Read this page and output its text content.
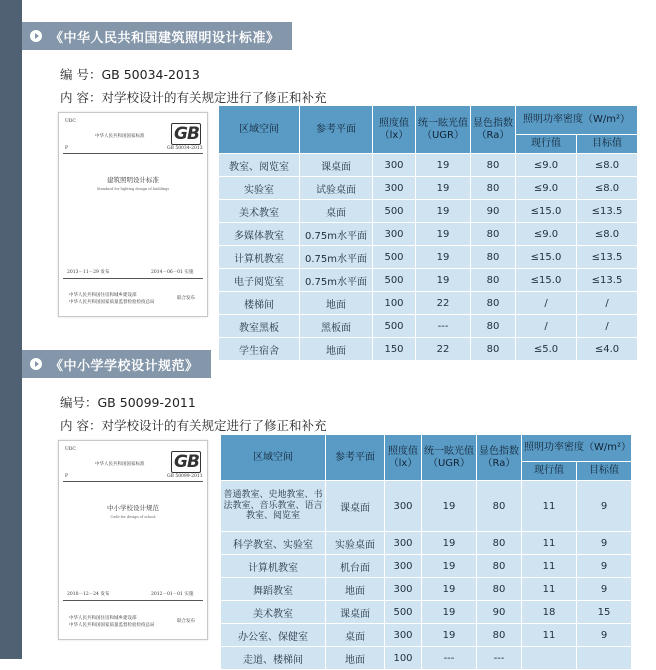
《中华人民共和国建筑照明设计标准》
编 号：GB 50034-2013
内 容：对学校设计的有关规定进行了修正和补充
UDC
中华人民共和国国家标准 GB
P	GB 50034-2013
建筑照明设计标准
Standard for lighting design of buildings
2013－11－29 发布	2014－06－01 实施
中华人民共和国住房和城乡建设部
中华人民共和国国家质量监督检验检疫总局
联合发布
区域空间	参考平面	照度值（lx）	统一眩光值（UGR）	显色指数（Ra）	照明功率密度（W/m²）	
					现行值	目标值
教室、阅览室	课桌面	300	19	80	≤9.0	≤8.0
实验室	试验桌面	300	19	80	≤9.0	≤8.0
美术教室	桌面	500	19	90	≤15.0	≤13.5
多媒体教室	0.75m水平面	300	19	80	≤9.0	≤8.0
计算机教室	0.75m水平面	500	19	80	≤15.0	≤13.5
电子阅览室	0.75m水平面	500	19	80	≤15.0	≤13.5
楼梯间	地面	100	22	80	/	/
教室黑板	黑板面	500	---	80	/	/
学生宿舍	地面	150	22	80	≤5.0	≤4.0
《中小学学校设计规范》
编号：GB 50099-2011
内 容：对学校设计的有关规定进行了修正和补充
UDC
中华人民共和国国家标准 GB
P	GB 50099-2011
中小学校设计规范
Code for design of school
2010－12－24 发布	2012－01－01 实施
中华人民共和国住房和城乡建设部
中华人民共和国国家质量监督检验检疫总局
联合发布
区域空间	参考平面	照度值（lx）	统一眩光值（UGR）	显色指数（Ra）	照明功率密度（W/m²）	
					现行值	目标值
普通教室、史地教室、书法教室、音乐教室、语言教室、阅览室	课桌面	300	19	80	11	9
科学教室、实验室	实验桌面	300	19	80	11	9
计算机教室	机台面	300	19	80	11	9
舞蹈教室	地面	300	19	80	11	9
美术教室	课桌面	500	19	90	18	15
办公室、保健室	桌面	300	19	80	11	9
走道、楼梯间	地面	100	---	---		
